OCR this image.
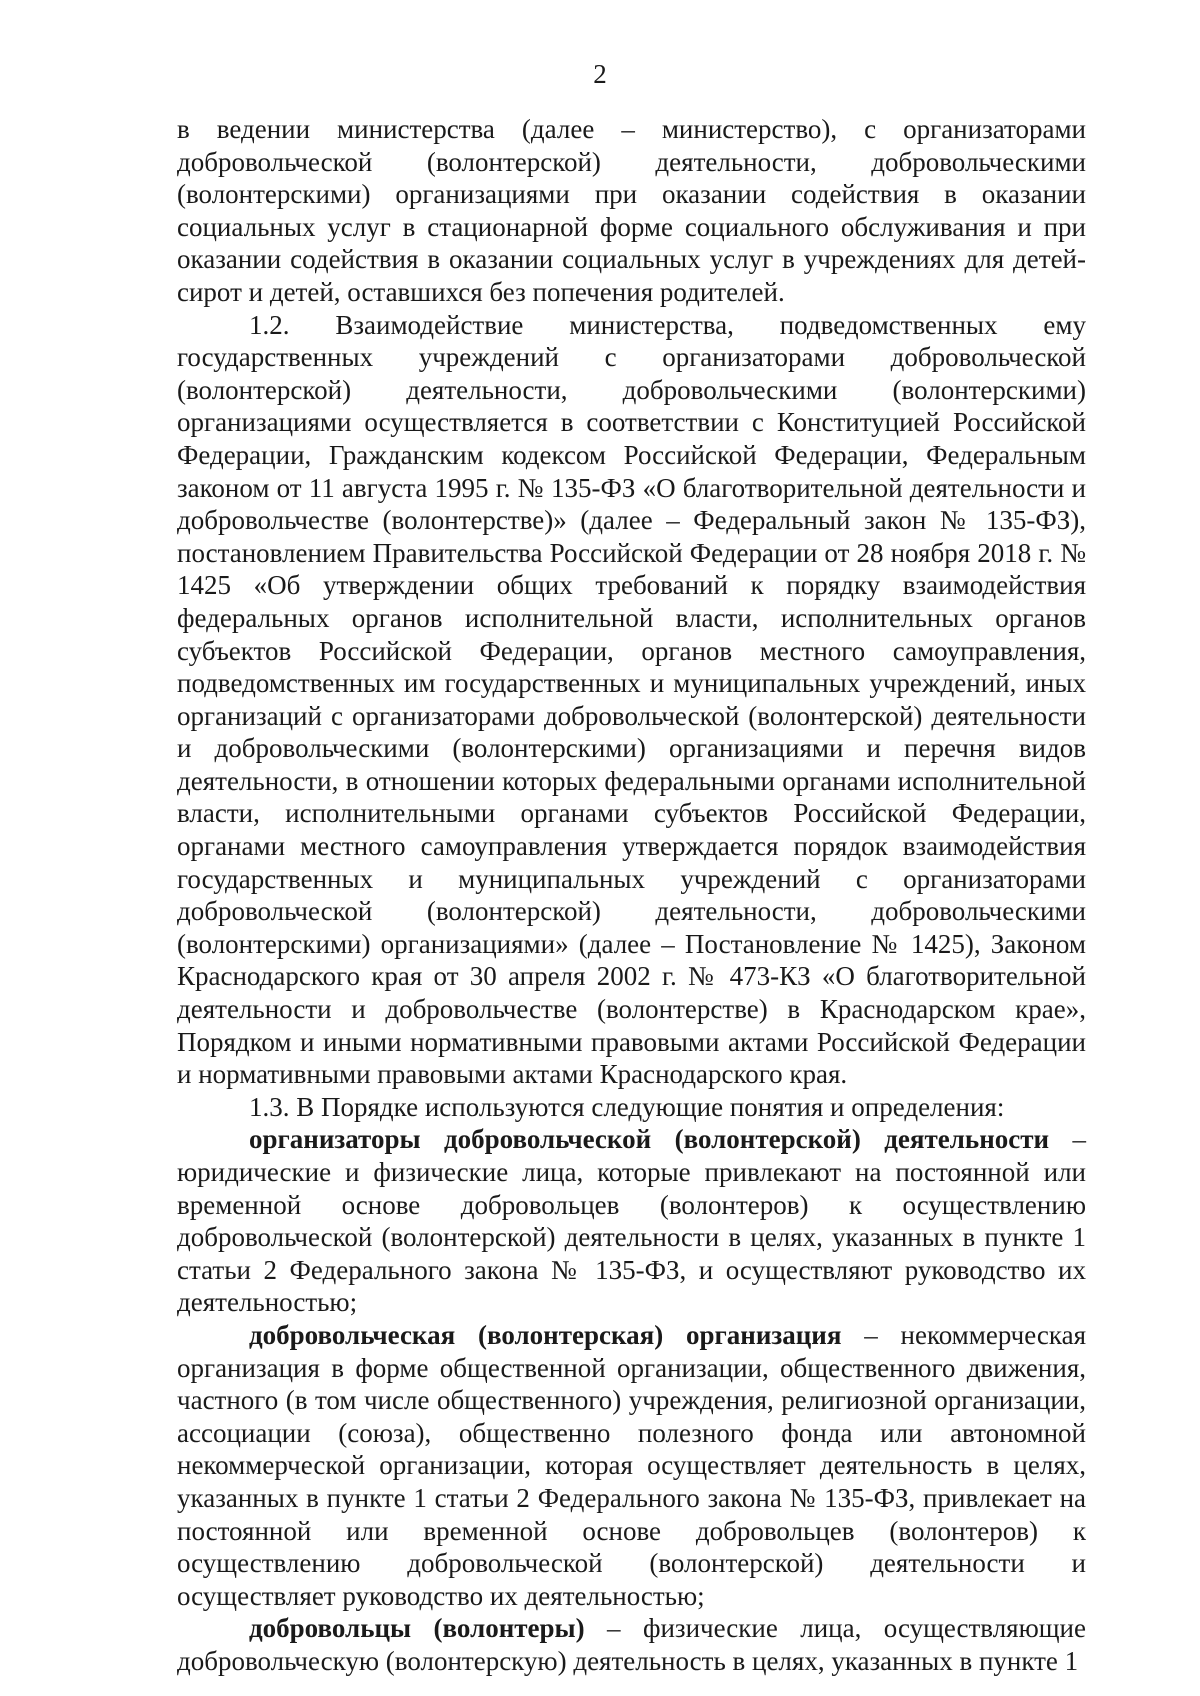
2

в ведении министерства (далее – министерство), с организаторами добровольческой (волонтерской) деятельности, добровольческими (волонтерскими) организациями при оказании содействия в оказании социальных услуг в стационарной форме социального обслуживания и при оказании содействия в оказании социальных услуг в учреждениях для детей-сирот и детей, оставшихся без попечения родителей.

1.2. Взаимодействие министерства, подведомственных ему государственных учреждений с организаторами добровольческой (волонтерской) деятельности, добровольческими (волонтерскими) организациями осуществляется в соответствии с Конституцией Российской Федерации, Гражданским кодексом Российской Федерации, Федеральным законом от 11 августа 1995 г. № 135-ФЗ «О благотворительной деятельности и добровольчестве (волонтерстве)» (далее – Федеральный закон № 135-ФЗ), постановлением Правительства Российской Федерации от 28 ноября 2018 г. № 1425 «Об утверждении общих требований к порядку взаимодействия федеральных органов исполнительной власти, исполнительных органов субъектов Российской Федерации, органов местного самоуправления, подведомственных им государственных и муниципальных учреждений, иных организаций с организаторами добровольческой (волонтерской) деятельности и добровольческими (волонтерскими) организациями и перечня видов деятельности, в отношении которых федеральными органами исполнительной власти, исполнительными органами субъектов Российской Федерации, органами местного самоуправления утверждается порядок взаимодействия государственных и муниципальных учреждений с организаторами добровольческой (волонтерской) деятельности, добровольческими (волонтерскими) организациями» (далее – Постановление № 1425), Законом Краснодарского края от 30 апреля 2002 г. № 473-КЗ «О благотворительной деятельности и добровольчестве (волонтерстве) в Краснодарском крае», Порядком и иными нормативными правовыми актами Российской Федерации и нормативными правовыми актами Краснодарского края.

1.3. В Порядке используются следующие понятия и определения:

организаторы добровольческой (волонтерской) деятельности – юридические и физические лица, которые привлекают на постоянной или временной основе добровольцев (волонтеров) к осуществлению добровольческой (волонтерской) деятельности в целях, указанных в пункте 1 статьи 2 Федерального закона № 135-ФЗ, и осуществляют руководство их деятельностью;

добровольческая (волонтерская) организация – некоммерческая организация в форме общественной организации, общественного движения, частного (в том числе общественного) учреждения, религиозной организации, ассоциации (союза), общественно полезного фонда или автономной некоммерческой организации, которая осуществляет деятельность в целях, указанных в пункте 1 статьи 2 Федерального закона № 135-ФЗ, привлекает на постоянной или временной основе добровольцев (волонтеров) к осуществлению добровольческой (волонтерской) деятельности и осуществляет руководство их деятельностью;

добровольцы (волонтеры) – физические лица, осуществляющие добровольческую (волонтерскую) деятельность в целях, указанных в пункте 1
